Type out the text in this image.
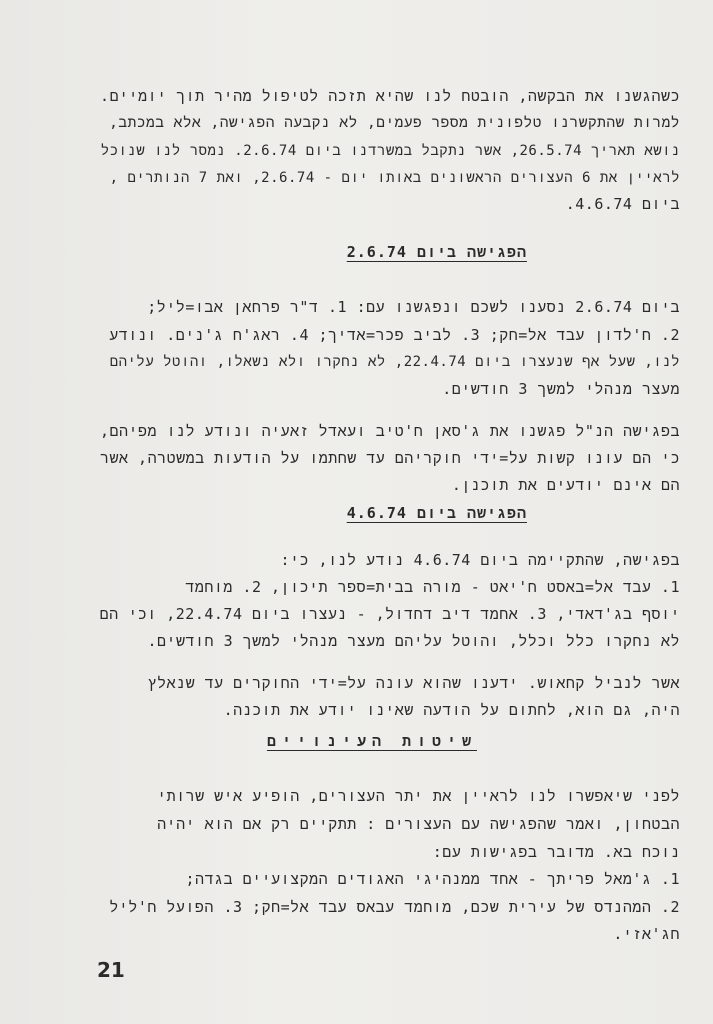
כשהגשנו את הבקשה, הובטח לנו שהיא תזכה לטיפול מהיר תוך יומיים.
למרות שהתקשרנו טלפונית מספר פעמים, לא נקבעה הפגישה, אלא במכתב,
נושא תאריך 26.5.74, אשר נתקבל במשרדנו ביום 2.6.74. נמסר לנו שנוכל
לראיין את 6 העצורים הראשונים באותו יום - 2.6.74, ואת 7 הנותרים ,
ביום 4.6.74.
הפגישה ביום 2.6.74
ביום 2.6.74 נסענו לשכם ונפגשנו עם: 1. ד"ר פרחאן אבו=ליל;
2. ח'לדון עבד אל=חק; 3. לביב פכר=אדיך; 4. ראג'ח ג'נים. ונודע
לנו, שעל אף שנעצרו ביום 22.4.74, לא נחקרו ולא נשאלו, והוטל עליהם
מעצר מנהלי למשך 3 חודשים.
בפגישה הנ"ל פגשנו את ג'סאן ח'טיב ועאדל זאעיה ונודע לנו מפיהם,
כי הם עונו קשות על=ידי חוקריהם עד שחתמו על הודעות במשטרה, אשר
הם אינם יודעים את תוכנן.
הפגישה ביום 4.6.74
בפגישה, שהתקיימה ביום 4.6.74 נודע לנו, כי:
1. עבד אל=באסט ח'יאט - מורה בבית=ספר תיכון, 2. מוחמד
יוסף בג'דאדי, 3. אחמד דיב דחדול, - נעצרו ביום 22.4.74, וכי הם
לא נחקרו כלל וכלל, והוטל עליהם מעצר מנהלי למשך 3 חודשים.
אשר לנביל קחאוש. ידענו שהוא עונה על=ידי החוקרים עד שנאלץ
היה, גם הוא, לחתום על הודעה שאינו יודע את תוכנה.
שיטות העינויים
לפני שיאפשרו לנו לראיין את יתר העצורים, הופיע איש שרותי
הבטחון, ואמר שהפגישה עם העצורים : תתקיים רק אם הוא יהיה
נוכח בא. מדובר בפגישות עם:
1. ג'מאל פריתך - אחד ממנהיגי האגודים המקצועיים בגדה;
2. המהנדס של עירית שכם, מוחמד עבאס עבד אל=חק; 3. הפועל ח'ליל
חג'אזי.
21
